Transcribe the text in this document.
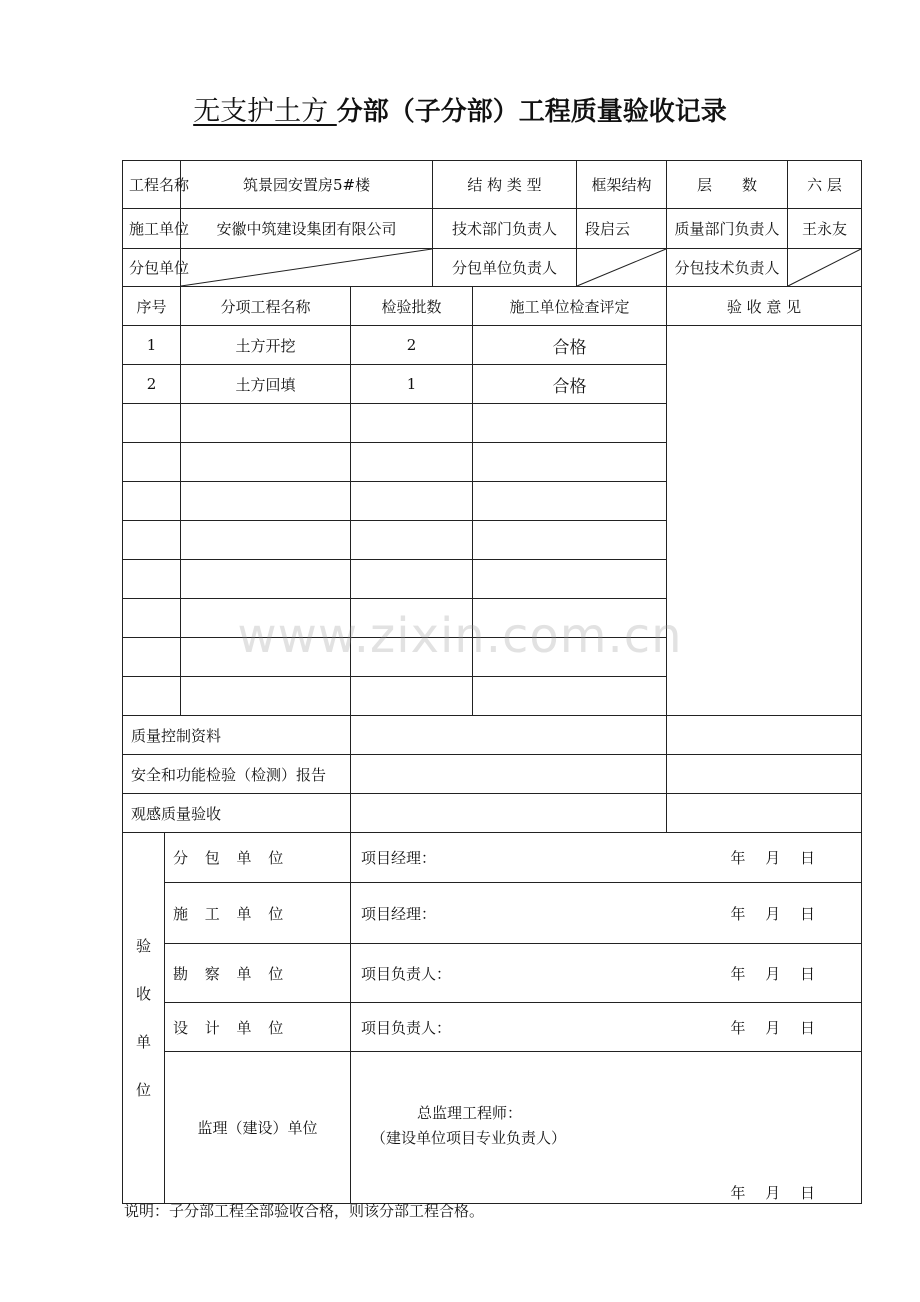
无支护土方 分部（子分部）工程质量验收记录
工程名称		筑景园安置房5#楼		结 构 类 型		框架结构	层　　数	六 层
施工单位		安徽中筑建设集团有限公司		技术部门负责人		段启云	质量部门负责人	王永友
分包单位				分包单位负责人			分包技术负责人	

序号		分项工程名称	检验批数		施工单位检查评定		验 收 意 见	
1		土方开挖	2		合格			
2		土方回填	1		合格			

质量控制资料								
安全和功能检验（检测）报告								
观感质量验收								
验收单位	分 包 单 位		项目经理： 年　 月　 日					

	施 工 单 位		项目经理： 年　 月　 日					

	勘 察 单 位		项目负责人： 年　 月　 日					

	设 计 单 位		项目负责人： 年　 月　 日					

	监理（建设）单位		总监理工程师：
（建设单位项目专业负责人）
年　 月　 日					
www.zixin.com.cn
说明：子分部工程全部验收合格，则该分部工程合格。
